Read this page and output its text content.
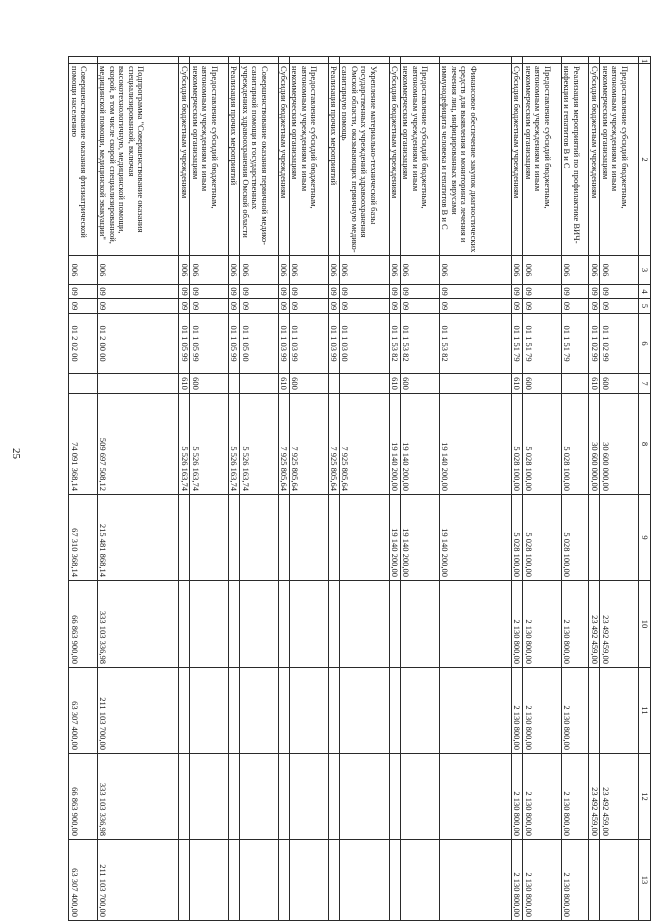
25
1	2	3	4	5	6	7	8	9	10	11	12	13
	Предоставление субсидий бюджетным, автономным учреждениям и иным некоммерческим организациям	006	09	09	01 1 02 99	600	30 600 000,00		23 492 459,00		23 492 459,00	
	Субсидии бюджетным учреждениям	006	09	09	01 1 02 99	610	30 600 000,00		23 492 459,00		23 492 459,00	
	Реализация мероприятий по профилактике ВИЧ-инфекции и гепатитов В и С	006	09	09	01 1 51 79		5 028 100,00	5 028 100,00	2 130 800,00	2 130 800,00	2 130 800,00	2 130 800,00
	Предоставление субсидий бюджетным, автономным учреждениям и иным некоммерческим организациям	006	09	09	01 1 51 79	600	5 028 100,00	5 028 100,00	2 130 800,00	2 130 800,00	2 130 800,00	2 130 800,00
	Субсидии бюджетным учреждениям	006	09	09	01 1 51 79	610	5 028 100,00	5 028 100,00	2 130 800,00	2 130 800,00	2 130 800,00	2 130 800,00
	Финансовое обеспечение закупок диагностических средств для выявления и мониторинга лечения и лечения лиц, инфицированных вирусами иммунодефицита человека и гепатитов В и С	006	09	09	01 1 53 82		19 140 200,00	19 140 200,00				
	Предоставление субсидий бюджетным, автономным учреждениям и иным некоммерческим организациям	006	09	09	01 1 53 82	600	19 140 200,00	19 140 200,00				
	Субсидии бюджетным учреждениям	006	09	09	01 1 53 82	610	19 140 200,00	19 140 200,00				
	Укрепление материально-технической базы государственных учреждений здравоохранения Омской области, оказывающих первичную медико-санитарную помощь	006	09	09	01 1 03 00		7 925 805,64					
	Реализация прочих мероприятий	006	09	09	01 1 03 99		7 925 805,64					
	Предоставление субсидий бюджетным, автономным учреждениям и иным некоммерческим организациям	006	09	09	01 1 03 99	600	7 925 805,64					
	Субсидии бюджетным учреждениям	006	09	09	01 1 03 99	610	7 925 805,64					
	Совершенствование оказания первичной медико-санитарной помощи в государственных учреждениях здравоохранения Омской области	006	09	09	01 1 05 00		5 526 163,74					
	Реализация прочих мероприятий	006	09	09	01 1 05 99		5 526 163,74					
	Предоставление субсидий бюджетным, автономным учреждениям и иным некоммерческим организациям	006	09	09	01 1 05 99	600	5 526 163,74					
	Субсидии бюджетным учреждениям	006	09	09	01 1 05 99	610	5 526 163,74					
	Подпрограмма "Совершенствование оказания специализированной, включая высокотехнологичную, медицинской помощи, скорой, в том числе скорой специализированной, медицинской помощи, медицинской эвакуации"	006	09	09	01 2 00 00		509 697 508,12	215 481 868,14	333 103 336,98	211 103 700,00	333 103 336,98	211 103 700,00
	Совершенствование оказания фтизиатрической помощи населению	006	09	09	01 2 02 00		74 091 368,14	67 310 368,14	66 863 900,00	63 307 400,00	66 863 900,00	63 307 400,00
